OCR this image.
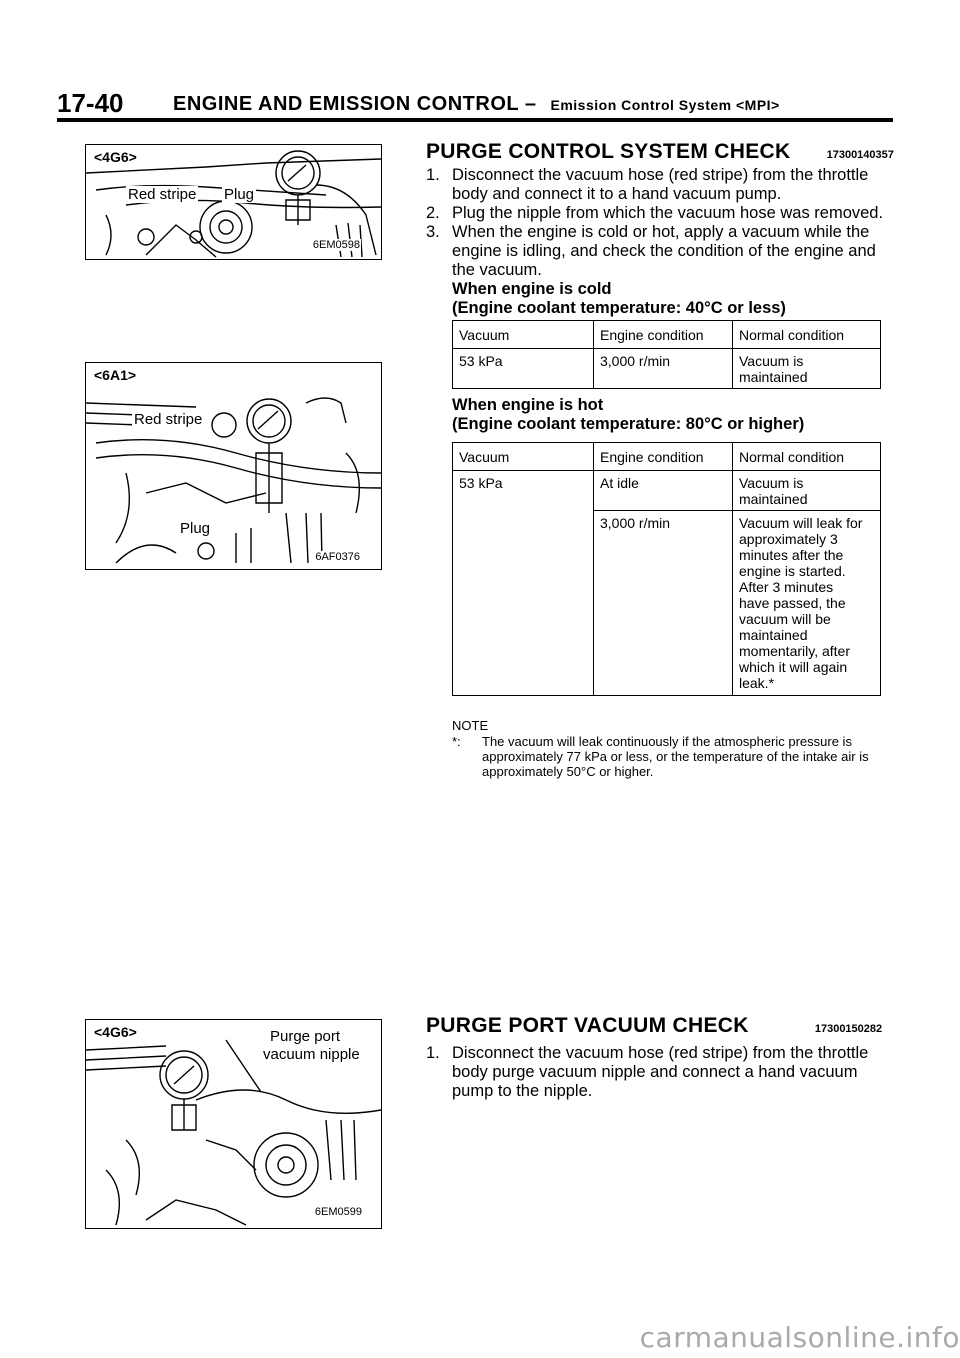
17-40 ENGINE AND EMISSION CONTROL – Emission Control System <MPI>
<4G6>
Red stripe Plug
6EM0598
<6A1>
Red stripe
Plug
6AF0376
<4G6>	Purge port
vacuum nipple
6EM0599
PURGE CONTROL SYSTEM CHECK	17300140357

1. Disconnect the vacuum hose (red stripe) from the throttle body and connect it to a hand vacuum pump.

2. Plug the nipple from which the vacuum hose was removed.

3. When the engine is cold or hot, apply a vacuum while the engine is idling, and check the condition of the engine and the vacuum.

When engine is cold
(Engine coolant temperature: 40°C or less)
Vacuum	Engine condition	Normal condition
53 kPa	3,000 r/min	Vacuum is maintained
When engine is hot
(Engine coolant temperature: 80°C or higher)
Vacuum	Engine condition	Normal condition
53 kPa	At idle	Vacuum is maintained
	3,000 r/min	Vacuum will leak for approximately 3 minutes after the engine is started. After 3 minutes have passed, the vacuum will be maintained momentarily, after which it will again leak.*
NOTE
*: The vacuum will leak continuously if the atmospheric pressure is approximately 77 kPa or less, or the temperature of the intake air is approximately 50°C or higher.
PURGE PORT VACUUM CHECK	17300150282

1. Disconnect the vacuum hose (red stripe) from the throttle body purge vacuum nipple and connect a hand vacuum pump to the nipple.

carmanualsonline.info
